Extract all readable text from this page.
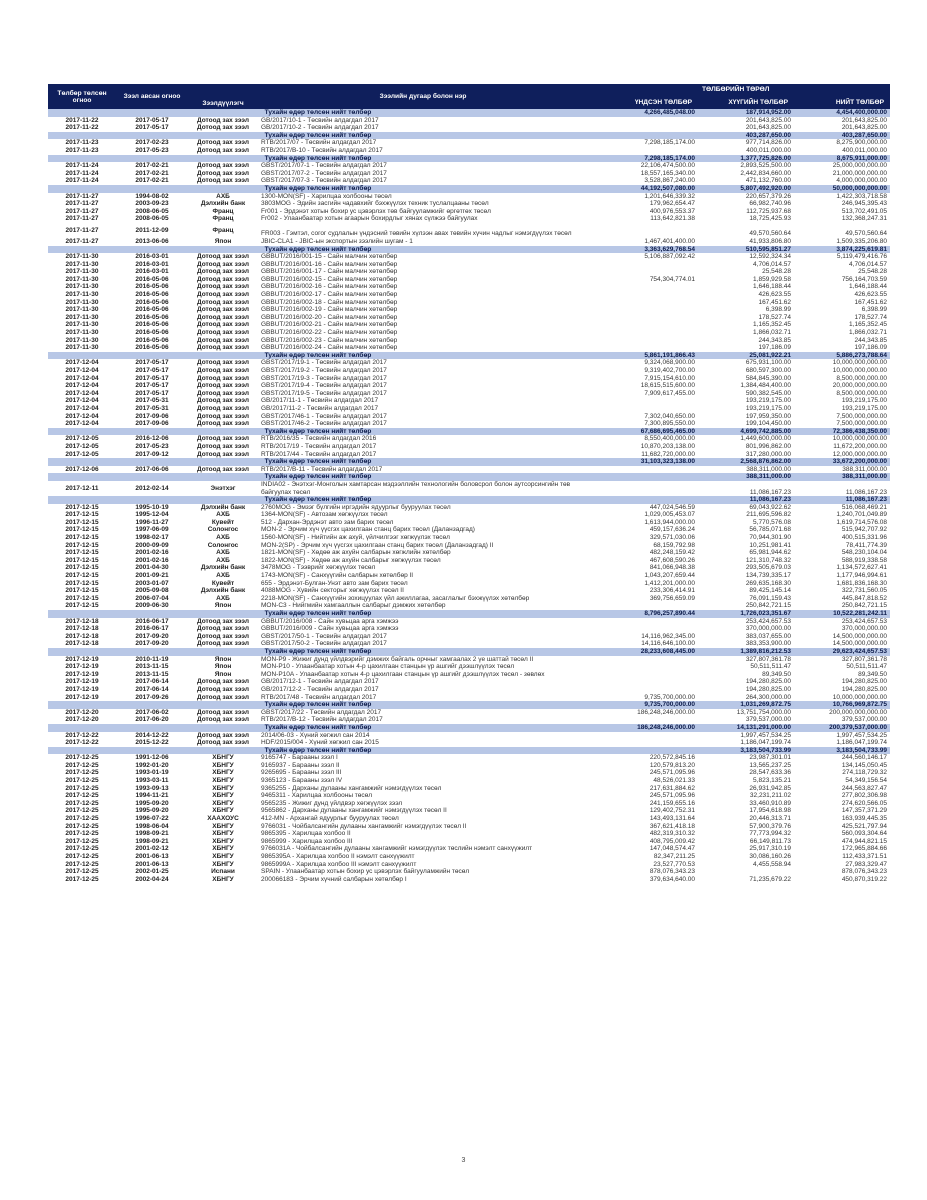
Төлбөр төлсөн огноо	Зээл авсан огноо	Зээлдүүлэгч	Зээлийн дугаар болон нэр		ТӨЛБӨРИЙН ТӨРӨЛ	
				ҮНДСЭН ТӨЛБӨР	ХҮҮГИЙН ТӨЛБӨР	НИЙТ ТӨЛБӨР
Тухайн өдөр төлсөн нийт төлбөр				4,266,485,048.00	187,914,952.00	4,454,400,000.00
2017-11-22	2017-05-17	Дотоод зах зээл	GB/2017/10-1 - Төсвийн алдагдал 2017		201,643,825.00	201,643,825.00
2017-11-22	2017-05-17	Дотоод зах зээл	GB/2017/10-2 - Төсвийн алдагдал 2017		201,643,825.00	201,643,825.00
Тухайн өдөр төлсөн нийт төлбөр					403,287,650.00	403,287,650.00
2017-11-23	2017-02-23	Дотоод зах зээл	RTB/2017/07 - Төсвийн алдагдал 2017	7,298,185,174.00	977,714,826.00	8,275,900,000.00
2017-11-23	2017-05-23	Дотоод зах зээл	RTB/2017/B-10 - Төсвийн алдагдал 2017		400,011,000.00	400,011,000.00
Тухайн өдөр төлсөн нийт төлбөр				7,298,185,174.00	1,377,725,826.00	8,675,911,000.00
2017-11-24	2017-02-21	Дотоод зах зээл	GBST/2017/07-1 - Төсвийн алдагдал 2017	22,106,474,500.00	2,893,525,500.00	25,000,000,000.00
2017-11-24	2017-02-21	Дотоод зах зээл	GBST/2017/07-2 - Төсвийн алдагдал 2017	18,557,165,340.00	2,442,834,660.00	21,000,000,000.00
2017-11-24	2017-02-21	Дотоод зах зээл	GBST/2017/07-3 - Төсвийн алдагдал 2017	3,528,867,240.00	471,132,760.00	4,000,000,000.00
Тухайн өдөр төлсөн нийт төлбөр				44,192,507,080.00	5,807,492,920.00	50,000,000,000.00
2017-11-27	1994-08-02	АХБ	1300-MON(SF) - Харилцаа холбооны төсөл	1,201,646,339.32	220,657,379.26	1,422,303,718.58
2017-11-27	2003-09-23	Дэлхийн банк	3803MOG - Эдийн засгийн чадавхийг бэхжүүлэх техник туслалцааны төсөл	179,962,654.47	66,982,740.96	246,945,395.43
2017-11-27	2008-06-05	Франц	Fr001 - Эрдэнэт хотын бохир ус цэвэрлэх төв байгууламжийг өргөтгөх төсөл	400,976,553.37	112,725,937.68	513,702,491.05
2017-11-27	2008-06-05	Франц	Fr002 - Улаанбаатар хотын агаарын бохирдлыг хянах сүлжээ байгуулах	113,642,821.38	18,725,425.93	132,368,247.31
2017-11-27	2011-12-09	Франц	FR003 - Гэмтэл, согог судлалын үндэсний төвийн хүлээн авах төвийн хүчин чадлыг нэмэгдүүлэх төсөл		49,570,560.64	49,570,560.64
2017-11-27	2013-06-06	Япон	JBIC-CLA1 - JBIC-ын экспортын зээлийн шугам - 1	1,467,401,400.00	41,933,806.80	1,509,335,206.80
Тухайн өдөр төлсөн нийт төлбөр				3,363,629,768.54	510,595,851.27	3,874,225,619.81
2017-11-30	2016-03-01	Дотоод зах зээл	GBBUT/2016/001-15 - Сайн малчин хөтөлбөр	5,106,887,092.42	12,592,324.34	5,119,479,416.76
2017-11-30	2016-03-01	Дотоод зах зээл	GBBUT/2016/001-16 - Сайн малчин хөтөлбөр		4,706,014.57	4,706,014.57
2017-11-30	2016-03-01	Дотоод зах зээл	GBBUT/2016/001-17 - Сайн малчин хөтөлбөр		25,548.28	25,548.28
2017-11-30	2016-05-06	Дотоод зах зээл	GBBUT/2016/002-15 - Сайн малчин хөтөлбөр	754,304,774.01	1,859,929.58	756,164,703.59
2017-11-30	2016-05-06	Дотоод зах зээл	GBBUT/2016/002-16 - Сайн малчин хөтөлбөр		1,646,188.44	1,646,188.44
2017-11-30	2016-05-06	Дотоод зах зээл	GBBUT/2016/002-17 - Сайн малчин хөтөлбөр		426,623.55	426,623.55
2017-11-30	2016-05-06	Дотоод зах зээл	GBBUT/2016/002-18 - Сайн малчин хөтөлбөр		167,451.62	167,451.62
2017-11-30	2016-05-06	Дотоод зах зээл	GBBUT/2016/002-19 - Сайн малчин хөтөлбөр		6,398.99	6,398.99
2017-11-30	2016-05-06	Дотоод зах зээл	GBBUT/2016/002-20 - Сайн малчин хөтөлбөр		178,527.74	178,527.74
2017-11-30	2016-05-06	Дотоод зах зээл	GBBUT/2016/002-21 - Сайн малчин хөтөлбөр		1,165,352.45	1,165,352.45
2017-11-30	2016-05-06	Дотоод зах зээл	GBBUT/2016/002-22 - Сайн малчин хөтөлбөр		1,866,032.71	1,866,032.71
2017-11-30	2016-05-06	Дотоод зах зээл	GBBUT/2016/002-23 - Сайн малчин хөтөлбөр		244,343.85	244,343.85
2017-11-30	2016-05-06	Дотоод зах зээл	GBBUT/2016/002-24 - Сайн малчин хөтөлбөр		197,186.09	197,186.09
Тухайн өдөр төлсөн нийт төлбөр				5,861,191,866.43	25,081,922.21	5,886,273,788.64
2017-12-04	2017-05-17	Дотоод зах зээл	GBST/2017/19-1 - Төсвийн алдагдал 2017	9,324,068,900.00	675,931,100.00	10,000,000,000.00
2017-12-04	2017-05-17	Дотоод зах зээл	GBST/2017/19-2 - Төсвийн алдагдал 2017	9,319,402,700.00	680,597,300.00	10,000,000,000.00
2017-12-04	2017-05-17	Дотоод зах зээл	GBST/2017/19-3 - Төсвийн алдагдал 2017	7,915,154,610.00	584,845,390.00	8,500,000,000.00
2017-12-04	2017-05-17	Дотоод зах зээл	GBST/2017/19-4 - Төсвийн алдагдал 2017	18,615,515,600.00	1,384,484,400.00	20,000,000,000.00
2017-12-04	2017-05-17	Дотоод зах зээл	GBST/2017/19-5 - Төсвийн алдагдал 2017	7,909,617,455.00	590,382,545.00	8,500,000,000.00
2017-12-04	2017-05-31	Дотоод зах зээл	GB/2017/11-1 - Төсвийн алдагдал 2017		193,219,175.00	193,219,175.00
2017-12-04	2017-05-31	Дотоод зах зээл	GB/2017/11-2 - Төсвийн алдагдал 2017		193,219,175.00	193,219,175.00
2017-12-04	2017-09-06	Дотоод зах зээл	GBST/2017/46-1 - Төсвийн алдагдал 2017	7,302,040,650.00	197,959,350.00	7,500,000,000.00
2017-12-04	2017-09-06	Дотоод зах зээл	GBST/2017/46-2 - Төсвийн алдагдал 2017	7,300,895,550.00	199,104,450.00	7,500,000,000.00
Тухайн өдөр төлсөн нийт төлбөр				67,686,695,465.00	4,699,742,885.00	72,386,438,350.00
2017-12-05	2016-12-06	Дотоод зах зээл	RTB/2016/35 - Төсвийн алдагдал 2016	8,550,400,000.00	1,449,600,000.00	10,000,000,000.00
2017-12-05	2017-05-23	Дотоод зах зээл	RTB/2017/19 - Төсвийн алдагдал 2017	10,870,203,138.00	801,996,862.00	11,672,200,000.00
2017-12-05	2017-09-12	Дотоод зах зээл	RTB/2017/44 - Төсвийн алдагдал 2017	11,682,720,000.00	317,280,000.00	12,000,000,000.00
Тухайн өдөр төлсөн нийт төлбөр				31,103,323,138.00	2,568,876,862.00	33,672,200,000.00
2017-12-06	2017-06-06	Дотоод зах зээл	RTB/2017/B-11 - Төсвийн алдагдал 2017		388,311,000.00	388,311,000.00
Тухайн өдөр төлсөн нийт төлбөр					388,311,000.00	388,311,000.00
2017-12-11	2012-02-14	Энэтхэг	INDIA02 - Энэтхэг-Монголын хамтарсан мэдээллийн технологийн боловсрол болон аутсорсингийн төв байгуулах төсөл		11,086,167.23	11,086,167.23
Тухайн өдөр төлсөн нийт төлбөр					11,086,167.23	11,086,167.23
2017-12-15	1995-10-19	Дэлхийн банк	2760MOG - Эмзэг бүлгийн иргэдийн ядуурлыг бууруулах төсөл	447,024,546.59	69,043,922.62	516,068,469.21
2017-12-15	1995-12-04	АХБ	1364-MON(SF) - Автозам хөгжүүлэх төсөл	1,029,005,453.07	211,695,596.82	1,240,701,049.89
2017-12-15	1996-11-27	Кувейт	512 - Дархан-Эрдэнэт авто зам барих төсөл	1,613,944,000.00	5,770,576.08	1,619,714,576.08
2017-12-15	1997-06-09	Солонгос	MON-2 - Эрчим хүч үүсгэх цахилгаан станц барих төсөл (Даланзадгад)	459,157,636.24	56,785,071.68	515,942,707.92
2017-12-15	1998-02-17	АХБ	1560-MON(SF) - Нийтийн аж ахуй, үйлчилгээг хөгжүүлэх төсөл	329,571,030.06	70,944,301.90	400,515,331.96
2017-12-15	2000-09-09	Солонгос	MON-2(SP) - Эрчим хүч үүсгэх цахилгаан станц барих төсөл (Даланзадгад) II	68,159,792.98	10,251,981.41	78,411,774.39
2017-12-15	2001-02-16	АХБ	1821-MON(SF) - Хөдөө аж ахуйн салбарын хөгжлийн хөтөлбөр	482,248,159.42	65,981,944.62	548,230,104.04
2017-12-15	2001-02-16	АХБ	1822-MON(SF) - Хөдөө аж ахуйн салбарыг хөгжүүлэх төсөл	467,608,590.26	121,310,748.32	588,919,338.58
2017-12-15	2001-04-30	Дэлхийн банк	3478MOG - Тээврийг хөгжүүлэх төсөл	841,066,948.38	293,505,679.03	1,134,572,627.41
2017-12-15	2001-09-21	АХБ	1743-MON(SF) - Санхүүгийн салбарын хөтөлбөр II	1,043,207,659.44	134,739,335.17	1,177,946,994.61
2017-12-15	2003-01-07	Кувейт	655 - Эрдэнэт-Булган-Унэт авто зам барих төсөл	1,412,201,000.00	269,635,168.30	1,681,836,168.30
2017-12-15	2005-09-08	Дэлхийн банк	4088MOG - Хувийн секторыг хөгжүүлэх төсөл II	233,306,414.91	89,425,145.14	322,731,560.05
2017-12-15	2006-07-04	АХБ	2218-MON(SF) - Санхүүгийн зохицуулах үйл ажиллагаа, засаглалыг бэхжүүлэх хөтөлбөр	369,756,659.09	76,091,159.43	445,847,818.52
2017-12-15	2009-06-30	Япон	MON-C3 - Нийгмийн хамгааллын салбарыг дэмжих хөтөлбөр		250,842,721.15	250,842,721.15
Тухайн өдөр төлсөн нийт төлбөр				8,796,257,890.44	1,726,023,351.67	10,522,281,242.11
2017-12-18	2016-06-17	Дотоод зах зээл	GBBUT/2016/008 - Сайн хувьцаа арга хэмжээ		253,424,657.53	253,424,657.53
2017-12-18	2016-06-17	Дотоод зах зээл	GBBUT/2016/009 - Сайн хувьцаа арга хэмжээ		370,000,000.00	370,000,000.00
2017-12-18	2017-09-20	Дотоод зах зээл	GBST/2017/50-1 - Төсвийн алдагдал 2017	14,116,962,345.00	383,037,655.00	14,500,000,000.00
2017-12-18	2017-09-20	Дотоод зах зээл	GBST/2017/50-2 - Төсвийн алдагдал 2017	14,116,646,100.00	383,353,900.00	14,500,000,000.00
Тухайн өдөр төлсөн нийт төлбөр				28,233,608,445.00	1,389,816,212.53	29,623,424,657.53
2017-12-19	2010-11-19	Япон	MON-P9 - Жижиг дунд үйлдвэрийг дэмжих байгаль орчныг хамгаалах 2 үе шаттай төсөл II		327,807,361.78	327,807,361.78
2017-12-19	2013-11-15	Япон	MON-P10 - Улаанбаатар хотын 4-р цахилгаан станцын үр ашгийг дээшлүүлэх төсөл		50,511,511.47	50,511,511.47
2017-12-19	2013-11-15	Япон	MON-P10A - Улаанбаатар хотын 4-р цахилгаан станцын үр ашгийг дээшлүүлэх төсөл - зөвлөх		89,349.50	89,349.50
2017-12-19	2017-06-14	Дотоод зах зээл	GB/2017/12-1 - Төсвийн алдагдал 2017		194,280,825.00	194,280,825.00
2017-12-19	2017-06-14	Дотоод зах зээл	GB/2017/12-2 - Төсвийн алдагдал 2017		194,280,825.00	194,280,825.00
2017-12-19	2017-09-26	Дотоод зах зээл	RTB/2017/48 - Төсвийн алдагдал 2017	9,735,700,000.00	264,300,000.00	10,000,000,000.00
Тухайн өдөр төлсөн нийт төлбөр				9,735,700,000.00	1,031,269,872.75	10,766,969,872.75
2017-12-20	2017-06-02	Дотоод зах зээл	GBST/2017/22 - Төсвийн алдагдал 2017	186,248,246,000.00	13,751,754,000.00	200,000,000,000.00
2017-12-20	2017-06-20	Дотоод зах зээл	RTB/2017/B-12 - Төсвийн алдагдал 2017		379,537,000.00	379,537,000.00
Тухайн өдөр төлсөн нийт төлбөр				186,248,246,000.00	14,131,291,000.00	200,379,537,000.00
2017-12-22	2014-12-22	Дотоод зах зээл	2014/06-03 - Хүний хөгжил сан 2014		1,997,457,534.25	1,997,457,534.25
2017-12-22	2015-12-22	Дотоод зах зээл	HDF/2015/004 - Хүний хөгжил сан 2015		1,186,047,199.74	1,186,047,199.74
Тухайн өдөр төлсөн нийт төлбөр					3,183,504,733.99	3,183,504,733.99
2017-12-25	1991-12-06	ХБНГУ	9165747 - Барааны зээл I	220,572,845.16	23,987,301.01	244,560,146.17
2017-12-25	1992-01-20	ХБНГУ	9165937 - Барааны зээл II	120,579,813.20	13,565,237.25	134,145,050.45
2017-12-25	1993-01-19	ХБНГУ	9265695 - Барааны зээл III	245,571,095.96	28,547,633.36	274,118,729.32
2017-12-25	1993-03-11	ХБНГУ	9365123 - Барааны зээл IV	48,526,021.33	5,823,135.21	54,349,156.54
2017-12-25	1993-09-13	ХБНГУ	9365255 - Дарханы дулааны хангамжийг нэмэгдүүлэх төсөл	217,631,884.62	26,931,942.85	244,563,827.47
2017-12-25	1994-11-21	ХБНГУ	9465311 - Харилцаа холбооны төсөл	245,571,095.96	32,231,211.02	277,802,306.98
2017-12-25	1995-09-20	ХБНГУ	9565235 - Жижиг дунд үйлдвэр хөгжүүлэх зээл	241,159,655.16	33,460,910.89	274,620,566.05
2017-12-25	1995-09-20	ХБНГУ	9565862 - Дарханы дулааны хангамжийг нэмэгдүүлэх төсөл II	129,402,752.31	17,954,618.98	147,357,371.29
2017-12-25	1996-07-22	ХААХОУС	412-MN - Архангай ядуурлыг бууруулах төсөл	143,493,131.64	20,446,313.71	163,939,445.35
2017-12-25	1998-06-04	ХБНГУ	9766031 - Чойбалсангийн дулааны хангамжийг нэмэгдүүлэх төсөл II	367,621,418.18	57,900,379.76	425,521,797.94
2017-12-25	1998-09-21	ХБНГУ	9865395 - Харилцаа холбоо II	482,319,310.32	77,773,994.32	560,093,304.64
2017-12-25	1998-09-21	ХБНГУ	9865999 - Харилцаа холбоо III	408,795,009.42	66,149,811.73	474,944,821.15
2017-12-25	2001-02-12	ХБНГУ	9766031A - Чойбалсангийн дулааны хангамжийг нэмэгдүүлэх төслийн нэмэлт санхүүжилт	147,048,574.47	25,917,310.19	172,965,884.66
2017-12-25	2001-06-13	ХБНГУ	9865395A - Харилцаа холбоо II нэмэлт санхүүжилт	82,347,211.25	30,086,160.26	112,433,371.51
2017-12-25	2001-06-13	ХБНГУ	9865999A - Харилцаа холбоо III нэмэлт санхүүжилт	23,527,770.53	4,455,558.94	27,983,329.47
2017-12-25	2002-01-25	Испани	SPAIN - Улаанбаатар хотын бохир ус цэвэрлэх байгууламжийн төсөл	878,076,343.23		878,076,343.23
2017-12-25	2002-04-24	ХБНГУ	200066183 - Эрчим хүчний салбарын хөтөлбөр I	379,634,640.00	71,235,679.22	450,870,319.22
3
